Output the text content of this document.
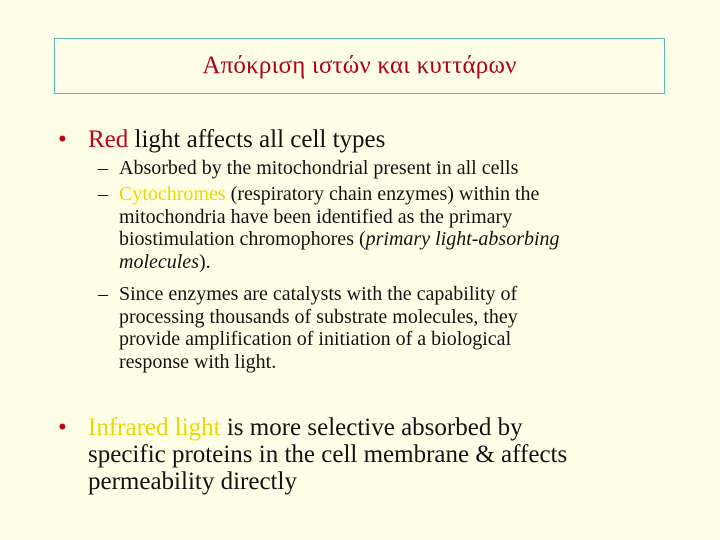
Απόκριση ιστών και κυττάρων
• Red light affects all cell types
– Absorbed by the mitochondrial present in all cells
– Cytochromes (respiratory chain enzymes) within the
mitochondria have been identified as the primary
biostimulation chromophores (primary light-absorbing
molecules).
– Since enzymes are catalysts with the capability of
processing thousands of substrate molecules, they
provide amplification of initiation of a biological
response with light.
• Infrared light is more selective absorbed by
specific proteins in the cell membrane & affects
permeability directly
